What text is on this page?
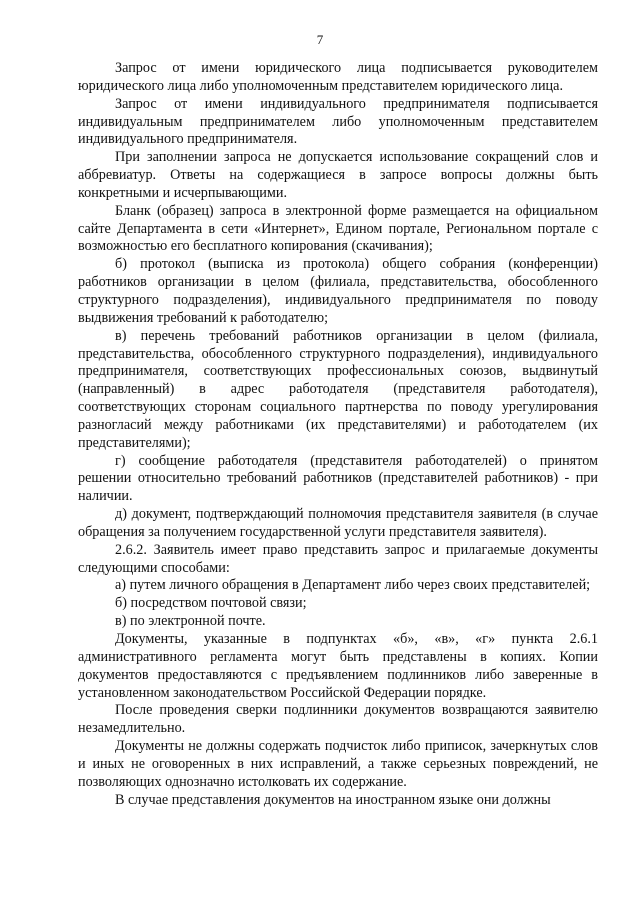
7

Запрос от имени юридического лица подписывается руководителем юридического лица либо уполномоченным представителем юридического лица.

Запрос от имени индивидуального предпринимателя подписывается индивидуальным предпринимателем либо уполномоченным представителем индивидуального предпринимателя.

При заполнении запроса не допускается использование сокращений слов и аббревиатур. Ответы на содержащиеся в запросе вопросы должны быть конкретными и исчерпывающими.

Бланк (образец) запроса в электронной форме размещается на официальном сайте Департамента в сети «Интернет», Едином портале, Региональном портале с возможностью его бесплатного копирования (скачивания);

б) протокол (выписка из протокола) общего собрания (конференции) работников организации в целом (филиала, представительства, обособленного структурного подразделения), индивидуального предпринимателя по поводу выдвижения требований к работодателю;

в) перечень требований работников организации в целом (филиала, представительства, обособленного структурного подразделения), индивидуального предпринимателя, соответствующих профессиональных союзов, выдвинутый (направленный) в адрес работодателя (представителя работодателя), соответствующих сторонам социального партнерства по поводу урегулирования разногласий между работниками (их представителями) и работодателем (их представителями);

г) сообщение работодателя (представителя работодателей) о принятом решении относительно требований работников (представителей работников) - при наличии.

д) документ, подтверждающий полномочия представителя заявителя (в случае обращения за получением государственной услуги представителя заявителя).

2.6.2. Заявитель имеет право представить запрос и прилагаемые документы следующими способами:

а) путем личного обращения в Департамент либо через своих представителей;

б) посредством почтовой связи;

в) по электронной почте.

Документы, указанные в подпунктах «б», «в», «г» пункта 2.6.1 административного регламента могут быть представлены в копиях. Копии документов предоставляются с предъявлением подлинников либо заверенные в установленном законодательством Российской Федерации порядке.

После проведения сверки подлинники документов возвращаются заявителю незамедлительно.

Документы не должны содержать подчисток либо приписок, зачеркнутых слов и иных не оговоренных в них исправлений, а также серьезных повреждений, не позволяющих однозначно истолковать их содержание.

В случае представления документов на иностранном языке они должны
